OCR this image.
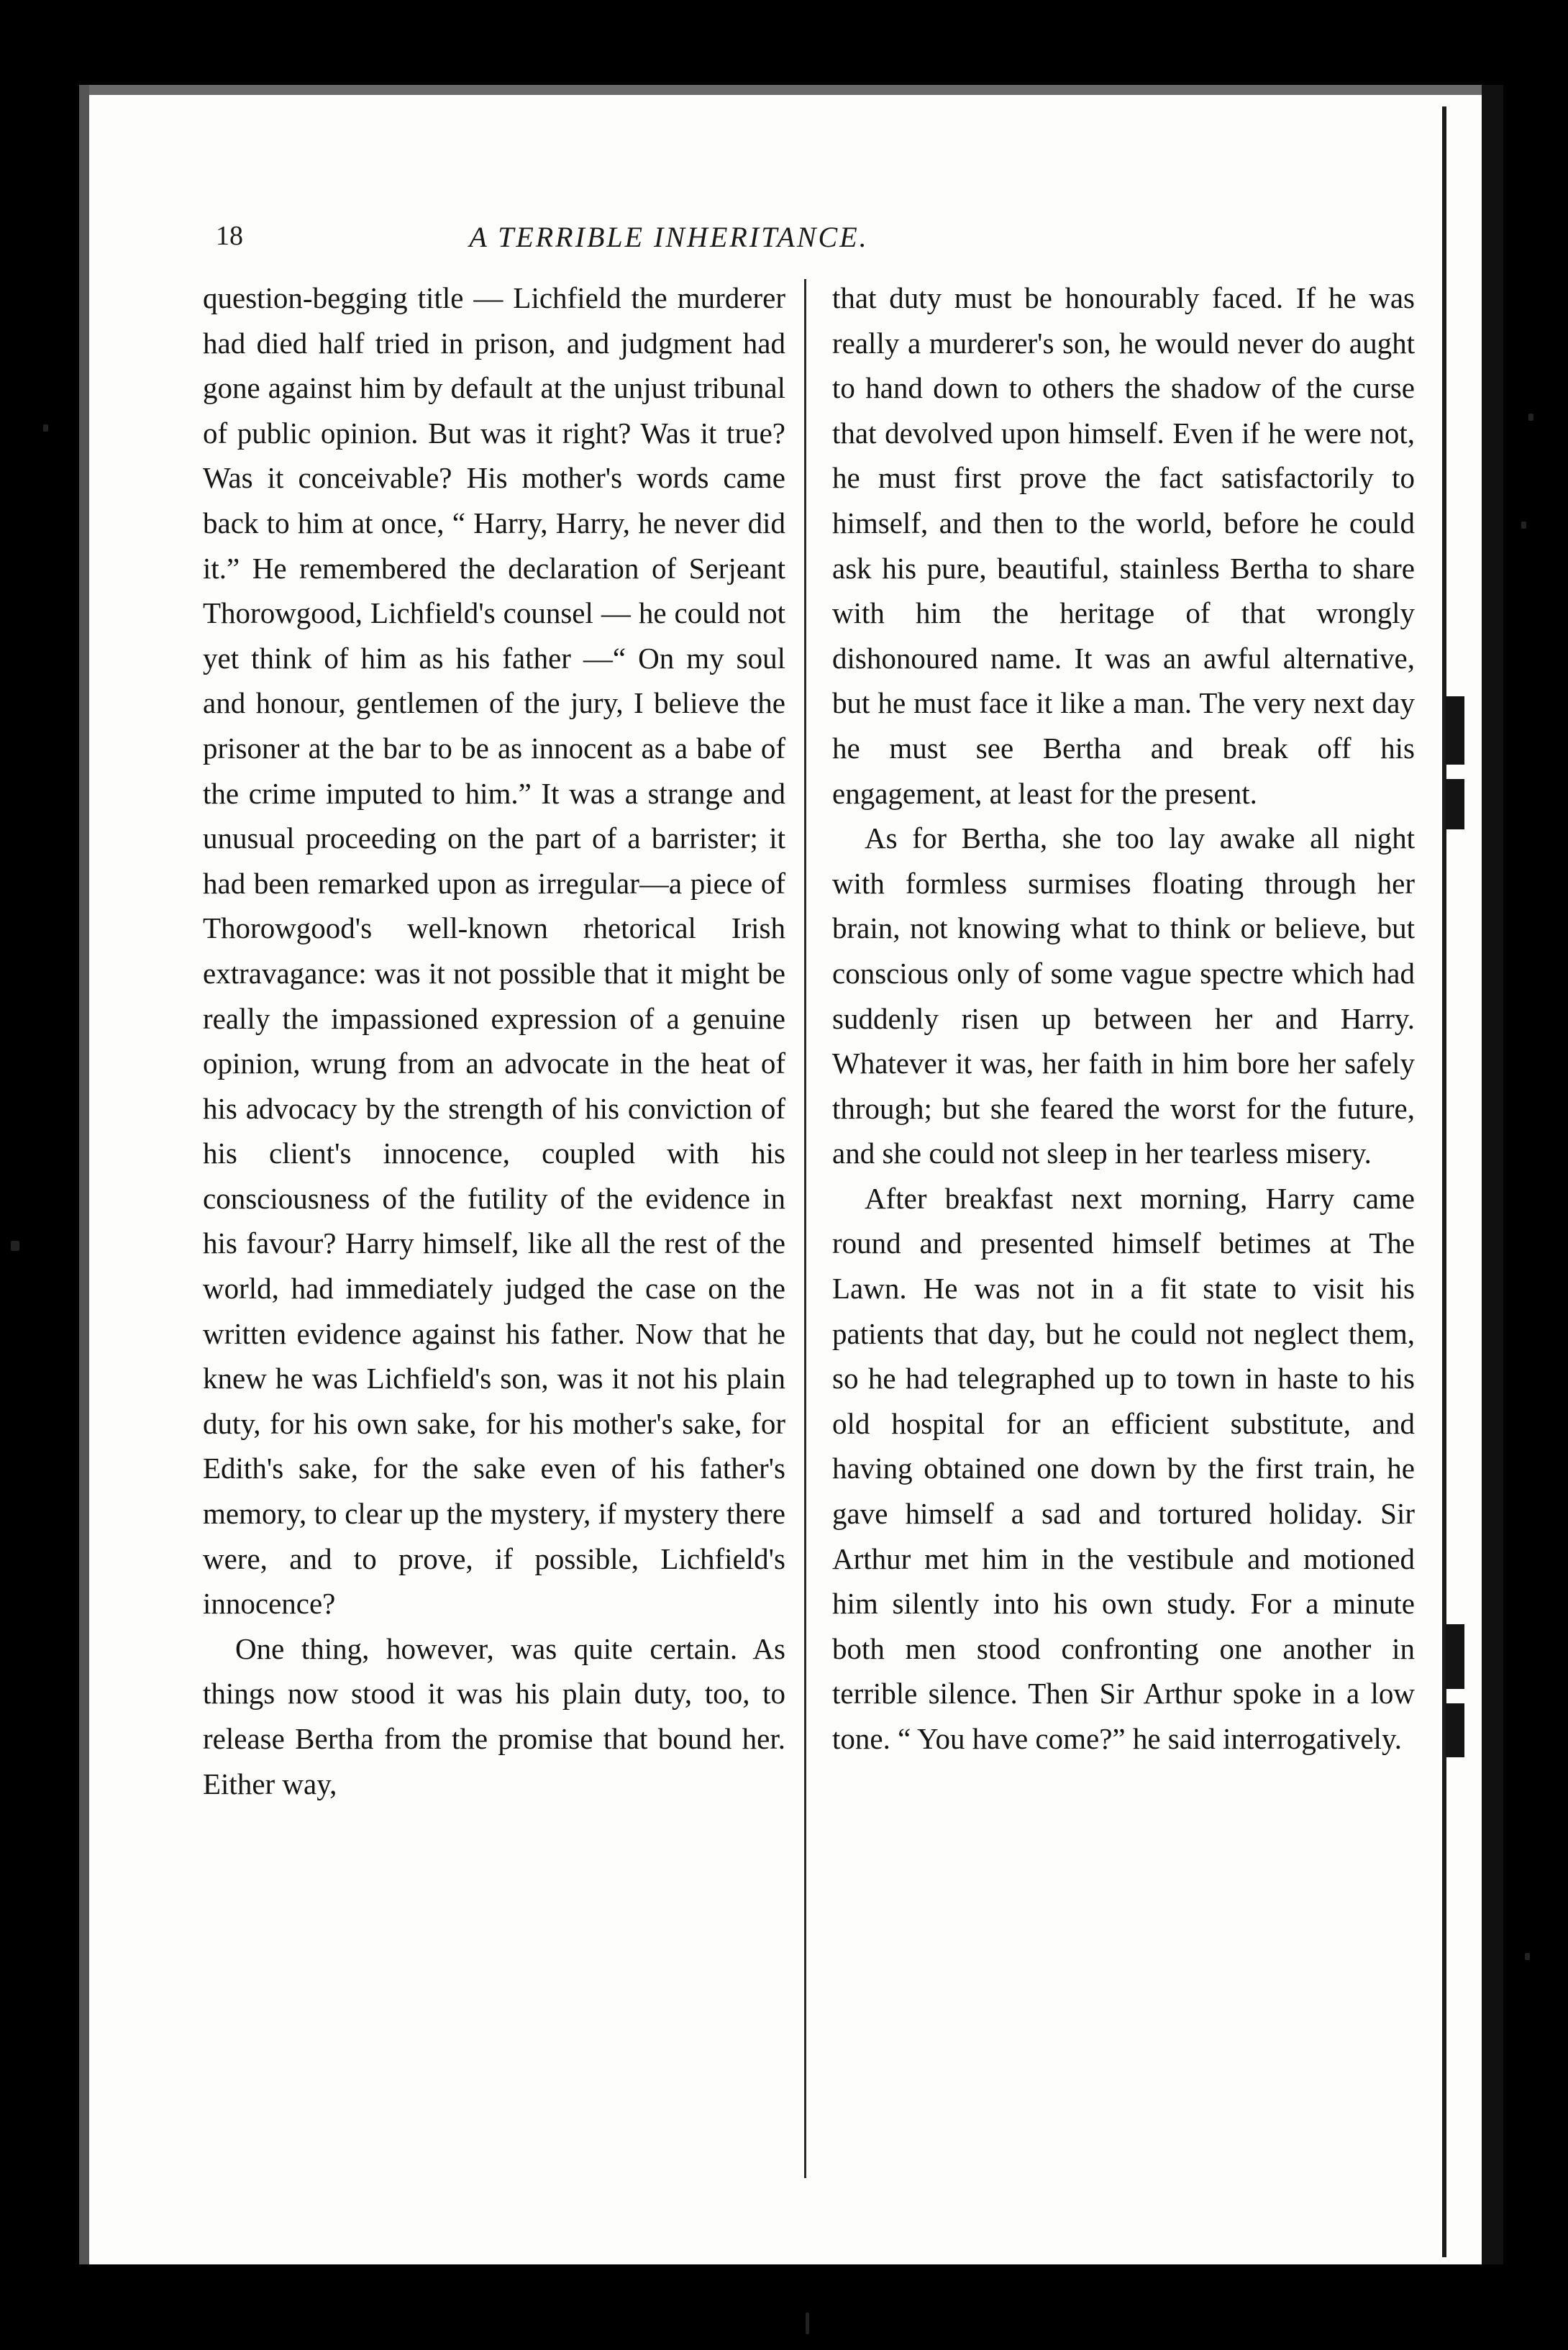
18	A TERRIBLE INHERITANCE.

question-begging title — Lichfield the murderer had died half tried in prison, and judgment had gone against him by default at the unjust tribunal of public opinion. But was it right? Was it true? Was it conceivable? His mother's words came back to him at once, “ Harry, Harry, he never did it.” He remembered the declaration of Serjeant Thorowgood, Lichfield's counsel — he could not yet think of him as his father —“ On my soul and honour, gentlemen of the jury, I believe the prisoner at the bar to be as innocent as a babe of the crime imputed to him.” It was a strange and unusual proceeding on the part of a barrister; it had been remarked upon as irregular—a piece of Thorowgood's well-known rhetorical Irish extravagance: was it not possible that it might be really the impassioned expression of a genuine opinion, wrung from an advocate in the heat of his advocacy by the strength of his conviction of his client's innocence, coupled with his consciousness of the futility of the evidence in his favour? Harry himself, like all the rest of the world, had immediately judged the case on the written evidence against his father. Now that he knew he was Lichfield's son, was it not his plain duty, for his own sake, for his mother's sake, for Edith's sake, for the sake even of his father's memory, to clear up the mystery, if mystery there were, and to prove, if possible, Lichfield's innocence?

One thing, however, was quite certain. As things now stood it was his plain duty, too, to release Bertha from the promise that bound her. Either way,

that duty must be honourably faced. If he was really a murderer's son, he would never do aught to hand down to others the shadow of the curse that devolved upon himself. Even if he were not, he must first prove the fact satisfactorily to himself, and then to the world, before he could ask his pure, beautiful, stainless Bertha to share with him the heritage of that wrongly dishonoured name. It was an awful alternative, but he must face it like a man. The very next day he must see Bertha and break off his engagement, at least for the present.

As for Bertha, she too lay awake all night with formless surmises floating through her brain, not knowing what to think or believe, but conscious only of some vague spectre which had suddenly risen up between her and Harry. Whatever it was, her faith in him bore her safely through; but she feared the worst for the future, and she could not sleep in her tearless misery.

After breakfast next morning, Harry came round and presented himself betimes at The Lawn. He was not in a fit state to visit his patients that day, but he could not neglect them, so he had telegraphed up to town in haste to his old hospital for an efficient substitute, and having obtained one down by the first train, he gave himself a sad and tortured holiday. Sir Arthur met him in the vestibule and motioned him silently into his own study. For a minute both men stood confronting one another in terrible silence. Then Sir Arthur spoke in a low tone. “ You have come?” he said interrogatively.
